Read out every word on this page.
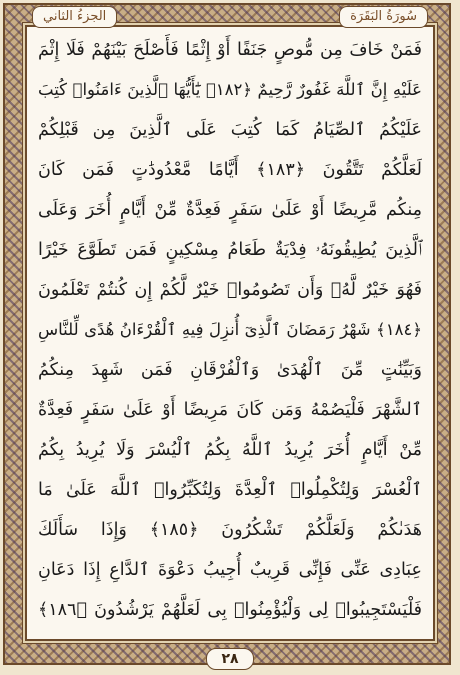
الجزءُ الثاني	سُورَةُ البَقَرَة
فَمَنْ خَافَ مِن مُّوصٍ جَنَفًا أَوْ إِثْمًا فَأَصْلَحَ بَيْنَهُمْ فَلَا إِثْمَ
عَلَيْهِ إِنَّ ٱللَّهَ غَفُورٌ رَّحِيمٌ ﴿١٨٢﴾ يَٰٓأَيُّهَا ٱلَّذِينَ ءَامَنُوا۟ كُتِبَ
عَلَيْكُمُ ٱلصِّيَامُ كَمَا كُتِبَ عَلَى ٱلَّذِينَ مِن قَبْلِكُمْ
لَعَلَّكُمْ تَتَّقُونَ ﴿١٨٣﴾ أَيَّامًا مَّعْدُودَٰتٍ فَمَن كَانَ
مِنكُم مَّرِيضًا أَوْ عَلَىٰ سَفَرٍ فَعِدَّةٌ مِّنْ أَيَّامٍ أُخَرَ وَعَلَى
ٱلَّذِينَ يُطِيقُونَهُۥ فِدْيَةٌ طَعَامُ مِسْكِينٍ فَمَن تَطَوَّعَ خَيْرًا
فَهُوَ خَيْرٌ لَّهُۥ وَأَن تَصُومُوا۟ خَيْرٌ لَّكُمْ إِن كُنتُمْ تَعْلَمُونَ
﴿١٨٤﴾ شَهْرُ رَمَضَانَ ٱلَّذِىٓ أُنزِلَ فِيهِ ٱلْقُرْءَانُ هُدًى لِّلنَّاسِ
وَبَيِّنَٰتٍ مِّنَ ٱلْهُدَىٰ وَٱلْفُرْقَانِ فَمَن شَهِدَ مِنكُمُ
ٱلشَّهْرَ فَلْيَصُمْهُ وَمَن كَانَ مَرِيضًا أَوْ عَلَىٰ سَفَرٍ فَعِدَّةٌ
مِّنْ أَيَّامٍ أُخَرَ يُرِيدُ ٱللَّهُ بِكُمُ ٱلْيُسْرَ وَلَا يُرِيدُ بِكُمُ
ٱلْعُسْرَ وَلِتُكْمِلُوا۟ ٱلْعِدَّةَ وَلِتُكَبِّرُوا۟ ٱللَّهَ عَلَىٰ مَا
هَدَىٰكُمْ وَلَعَلَّكُمْ تَشْكُرُونَ ﴿١٨٥﴾ وَإِذَا سَأَلَكَ
عِبَادِى عَنِّى فَإِنِّى قَرِيبٌ أُجِيبُ دَعْوَةَ ٱلدَّاعِ إِذَا دَعَانِ
فَلْيَسْتَجِيبُوا۟ لِى وَلْيُؤْمِنُوا۟ بِى لَعَلَّهُمْ يَرْشُدُونَ ﴿١٨٦﴾
٢٨
